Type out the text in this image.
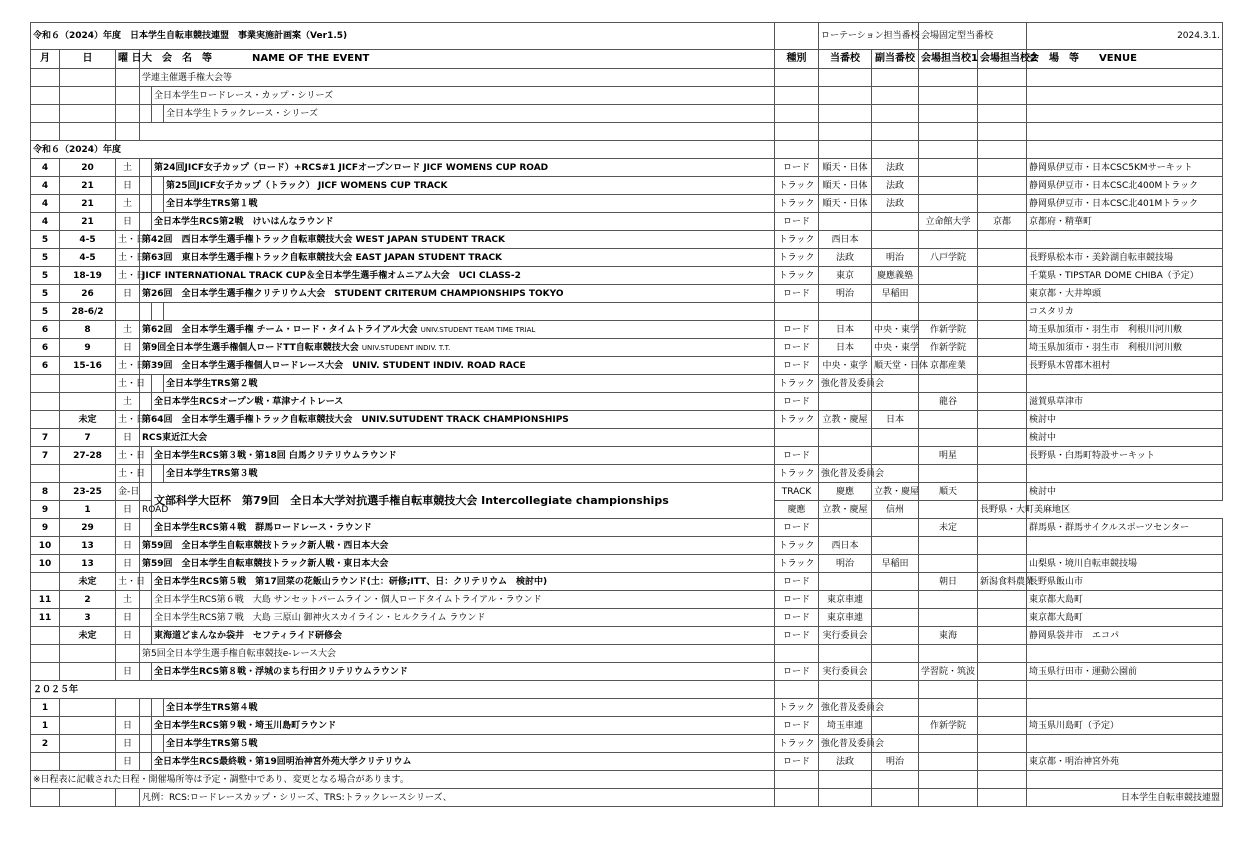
令和６（2024）年度　日本学生自転車競技連盟　事業実施計画案（Ver1.5)							ローテーション担当番校		会場固定型当番校		2024.3.1.
月	日	曜 日	大　会　名　等　　　　NAME OF THE EVENT			種別	当番校	副当番校	会場担当校1	会場担当校2	会　場　等　　VENUE
			学連主催選手権大会等								
				全日本学生ロードレース・カップ・シリーズ							
					全日本学生トラックレース・シリーズ						

令和６（2024）年度											
4	20	土		第24回JICF女子カップ（ロード）+RCS#1 JICFオープンロード JICF WOMENS CUP ROAD		ロード	順天・日体	法政			静岡県伊豆市・日本CSC5KMサーキット
4	21	日			第25回JICF女子カップ（トラック） JICF WOMENS CUP TRACK	トラック	順天・日体	法政			静岡県伊豆市・日本CSC北400Mトラック
4	21	土			全日本学生TRS第１戦	トラック	順天・日体	法政			静岡県伊豆市・日本CSC北401Mトラック
4	21	日		全日本学生RCS第2戦　けいはんなラウンド		ロード			立命館大学	京都	京都府・精華町
5	4-5	土・日	第42回　西日本学生選手権トラック自転車競技大会 WEST JAPAN STUDENT TRACK			トラック	西日本				
5	4-5	土・日	第63回　東日本学生選手権トラック自転車競技大会 EAST JAPAN STUDENT TRACK			トラック	法政	明治	八戸学院		長野県松本市・美鈴湖自転車競技場
5	18-19	土・日	JICF INTERNATIONAL TRACK CUP＆全日本学生選手権オムニアム大会　UCI CLASS-2			トラック	東京	慶應義塾			千葉県・TIPSTAR DOME CHIBA（予定）
5	26	日	第26回　全日本学生選手権クリテリウム大会　STUDENT CRITERUM CHAMPIONSHIPS TOKYO			ロード	明治	早稲田			東京都・大井埠頭
5	28-6/2										コスタリカ
6	8	土	第62回　全日本学生選手権 チーム・ロード・タイムトライアル大会 UNIV.STUDENT TEAM TIME TRIAL			ロード	日本	中央・東学	作新学院		埼玉県加須市・羽生市　利根川河川敷
6	9	日	第9回全日本学生選手権個人ロードTT自転車競技大会 UNIV.STUDENT INDIV. T.T.			ロード	日本	中央・東学	作新学院		埼玉県加須市・羽生市　利根川河川敷
6	15-16	土・日	第39回　全日本学生選手権個人ロードレース大会　UNIV. STUDENT INDIV. ROAD RACE			ロード	中央・東学	順天堂・日体	京都産業		長野県木曽郡木祖村
		土・日			全日本学生TRS第２戦	トラック	強化普及委員会				
		土		全日本学生RCSオープン戦・草津ナイトレース		ロード			龍谷		滋賀県草津市
	未定	土・日	第64回　全日本学生選手権トラック自転車競技大会　UNIV.SUTUDENT TRACK CHAMPIONSHIPS			トラック	立教・慶屋	日本			検討中
7	7	日	RCS東近江大会								検討中
7	27-28	土・日		全日本学生RCS第３戦・第18回 白馬クリテリウムラウンド		ロード			明星		長野県・白馬町特設サーキット
		土・日			全日本学生TRS第３戦	トラック	強化普及委員会				
8	23-25	金-日		文部科学大臣杯　第79回　全日本大学対抗選手権自転車競技大会 Intercollegiate championships		TRACK	慶應	立教・慶屋	順天		検討中
9	1	日	ROAD			慶應	立教・慶屋	信州		長野県・大町美麻地区	
9	29	日		全日本学生RCS第４戦　群馬ロードレース・ラウンド		ロード			未定		群馬県・群馬サイクルスポーツセンター
10	13	日	第59回　全日本学生自転車競技トラック新人戦・西日本大会			トラック	西日本				
10	13	日	第59回　全日本学生自転車競技トラック新人戦・東日本大会			トラック	明治	早稲田			山梨県・境川自転車競技場
	未定	土・日		全日本学生RCS第５戦　第17回菜の花飯山ラウンド(土：研修;ITT、日：クリテリウム　検討中)		ロード			朝日	新潟食料農業	長野県飯山市
11	2	土		全日本学生RCS第６戦　大島 サンセットパームライン・個人ロードタイムトライアル・ラウンド		ロード	東京車連				東京都大島町
11	3	日		全日本学生RCS第７戦　大島 三原山 御神火スカイライン・ヒルクライム ラウンド		ロード	東京車連				東京都大島町
	未定	日		東海道どまんなか袋井　セフティライド研修会		ロード	実行委員会		東海		静岡県袋井市　エコパ
			第5回全日本学生選手権自転車競技e-レース大会								
		日		全日本学生RCS第８戦・浮城のまち行田クリテリウムラウンド		ロード	実行委員会		学習院・筑波		埼玉県行田市・運動公園前
２０２５年											
1					全日本学生TRS第４戦	トラック	強化普及委員会				
1		日		全日本学生RCS第９戦・埼玉川島町ラウンド		ロード	埼玉車連		作新学院		埼玉県川島町（予定）
2		日			全日本学生TRS第５戦	トラック	強化普及委員会				
		日		全日本学生RCS最終戦・第19回明治神宮外苑大学クリテリウム		ロード	法政	明治			東京都・明治神宮外苑
※日程表に記載された日程・開催場所等は予定・調整中であり、変更となる場合があります。											
			凡例：RCS:ロードレースカップ・シリーズ、TRS:トラックレースシリーズ、								日本学生自転車競技連盟
